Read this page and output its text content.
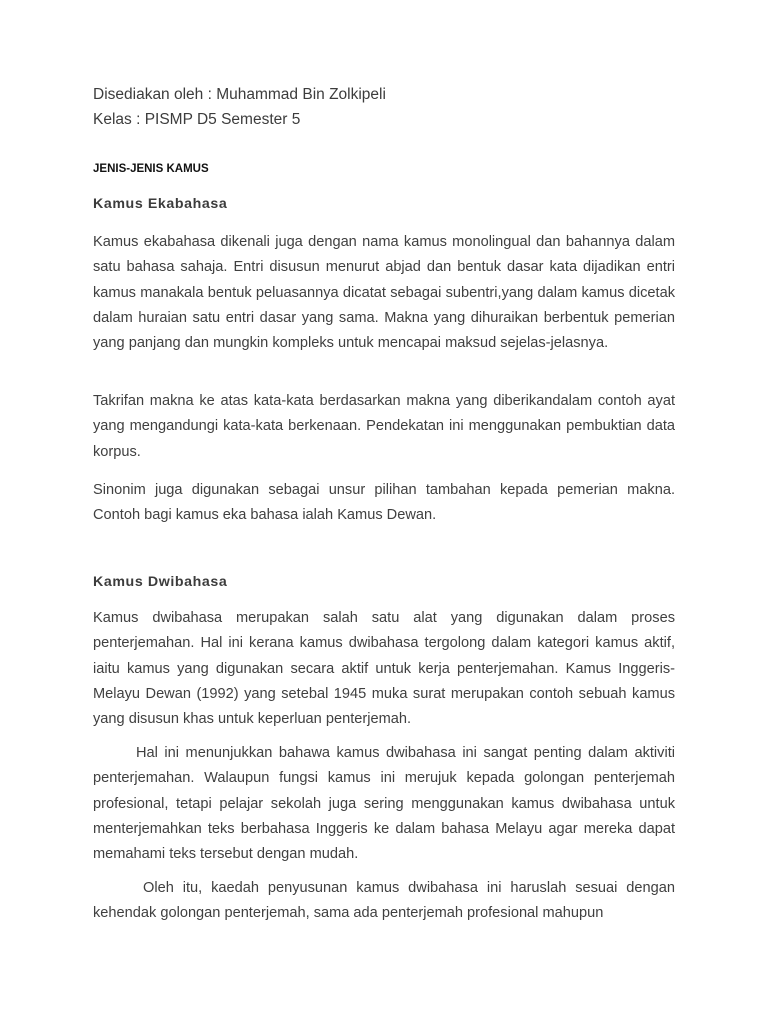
Disediakan oleh : Muhammad Bin Zolkipeli
Kelas : PISMP D5 Semester 5
JENIS-JENIS KAMUS
Kamus Ekabahasa

Kamus ekabahasa dikenali juga dengan nama kamus monolingual dan bahannya dalam satu bahasa sahaja. Entri disusun menurut abjad dan bentuk dasar kata dijadikan entri kamus manakala bentuk peluasannya dicatat sebagai subentri,yang dalam kamus dicetak dalam huraian satu entri dasar yang sama. Makna yang dihuraikan berbentuk pemerian yang panjang dan mungkin kompleks untuk mencapai maksud sejelas-jelasnya.

Takrifan makna ke atas kata-kata berdasarkan makna yang diberikandalam contoh ayat yang mengandungi kata-kata berkenaan. Pendekatan ini menggunakan pembuktian data korpus.

Sinonim juga digunakan sebagai unsur pilihan tambahan kepada pemerian makna. Contoh bagi kamus eka bahasa ialah Kamus Dewan.

Kamus Dwibahasa

Kamus dwibahasa merupakan salah satu alat yang digunakan dalam proses penterjemahan. Hal ini kerana kamus dwibahasa tergolong dalam kategori kamus aktif, iaitu kamus yang digunakan secara aktif untuk kerja penterjemahan. Kamus Inggeris-Melayu Dewan (1992) yang setebal 1945 muka surat merupakan contoh sebuah kamus yang disusun khas untuk keperluan penterjemah.

Hal ini menunjukkan bahawa kamus dwibahasa ini sangat penting dalam aktiviti penterjemahan. Walaupun fungsi kamus ini merujuk kepada golongan penterjemah profesional, tetapi pelajar sekolah juga sering menggunakan kamus dwibahasa untuk menterjemahkan teks berbahasa Inggeris ke dalam bahasa Melayu agar mereka dapat memahami teks tersebut dengan mudah.

Oleh itu, kaedah penyusunan kamus dwibahasa ini haruslah sesuai dengan kehendak golongan penterjemah, sama ada penterjemah profesional mahupun
